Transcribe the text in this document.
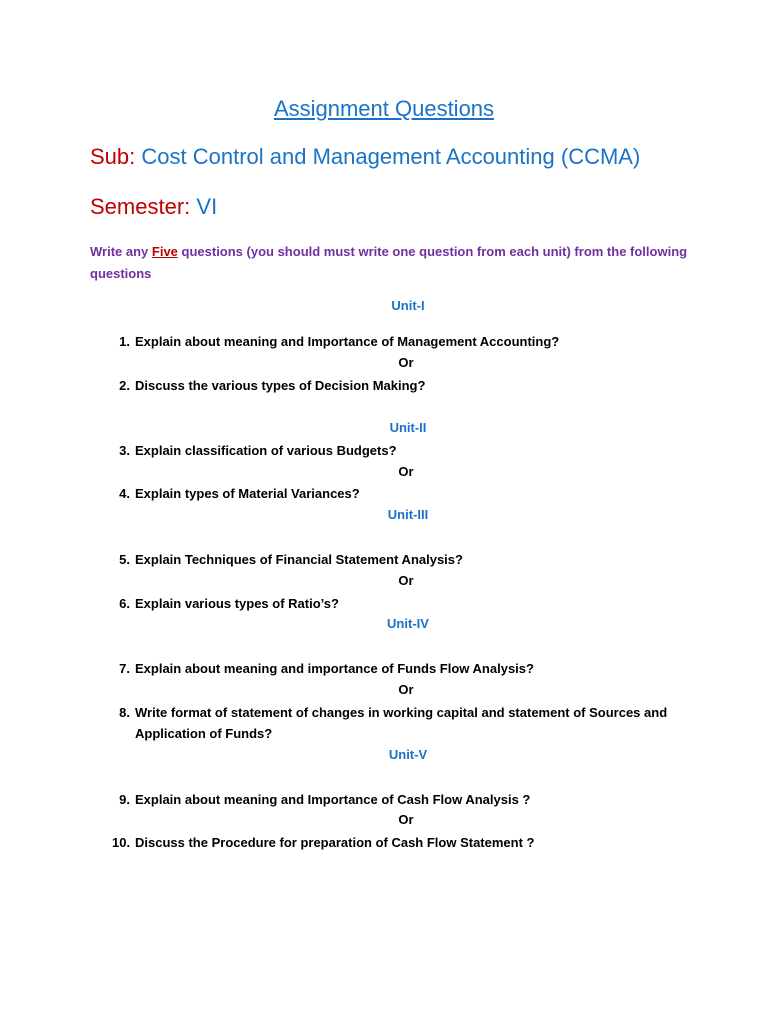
Assignment Questions
Sub: Cost Control and Management Accounting (CCMA)
Semester: VI
Write any Five questions (you should must write one question from each unit) from the following questions
Unit-I
1. Explain about meaning and Importance of Management Accounting?
Or
2. Discuss the various types of Decision Making?
Unit-II
3. Explain classification of various Budgets?
Or
4. Explain types of Material Variances?
Unit-III
5. Explain Techniques of Financial Statement Analysis?
Or
6. Explain various types of Ratio’s?
Unit-IV
7. Explain about meaning and importance of Funds Flow Analysis?
Or
8. Write format of statement of changes in working capital and statement of Sources and Application of Funds?
Unit-V
9. Explain about meaning and Importance of Cash Flow Analysis ?
Or
10. Discuss the Procedure for preparation of Cash Flow Statement ?
